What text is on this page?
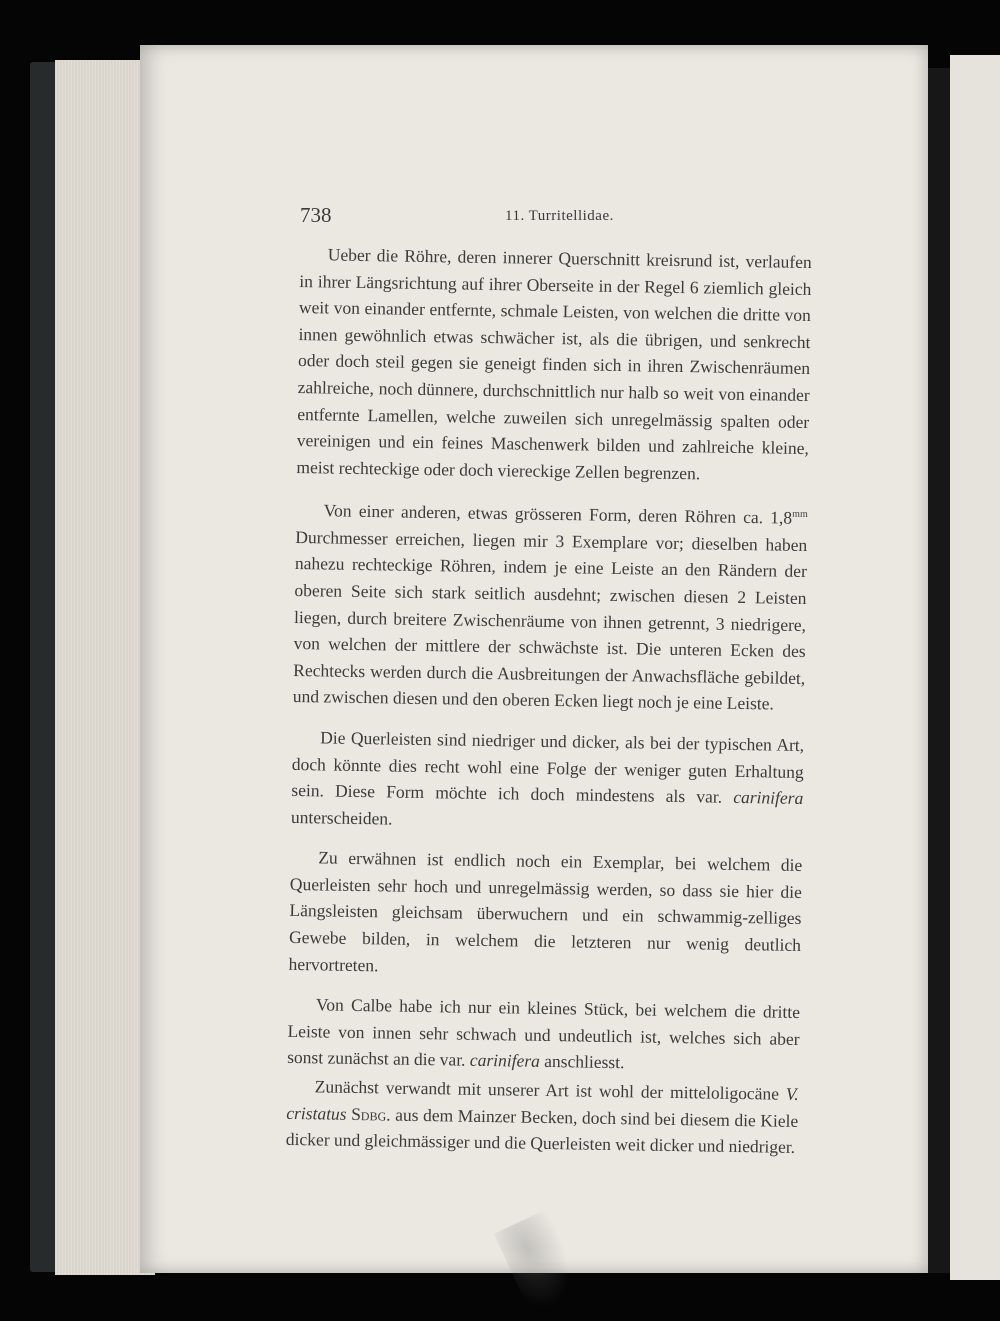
738	11. Turritellidae.

Ueber die Röhre, deren innerer Querschnitt kreisrund ist, verlaufen in ihrer Längsrichtung auf ihrer Oberseite in der Regel 6 ziemlich gleich weit von einander entfernte, schmale Leisten, von welchen die dritte von innen gewöhnlich etwas schwächer ist, als die übrigen, und senkrecht oder doch steil gegen sie geneigt finden sich in ihren Zwischenräumen zahlreiche, noch dünnere, durchschnittlich nur halb so weit von einander entfernte Lamellen, welche zuweilen sich unregelmässig spalten oder vereinigen und ein feines Maschenwerk bilden und zahlreiche kleine, meist rechteckige oder doch viereckige Zellen begrenzen.

Von einer anderen, etwas grösseren Form, deren Röhren ca. $1,8^{mm}$ Durchmesser erreichen, liegen mir 3 Exemplare vor; dieselben haben nahezu rechteckige Röhren, indem je eine Leiste an den Rändern der oberen Seite sich stark seitlich ausdehnt; zwischen diesen 2 Leisten liegen, durch breitere Zwischenräume von ihnen getrennt, 3 niedrigere, von welchen der mittlere der schwächste ist. Die unteren Ecken des Rechtecks werden durch die Ausbreitungen der Anwachsfläche gebildet, und zwischen diesen und den oberen Ecken liegt noch je eine Leiste.

Die Querleisten sind niedriger und dicker, als bei der typischen Art, doch könnte dies recht wohl eine Folge der weniger guten Erhaltung sein. Diese Form möchte ich doch mindestens als var. carinifera unterscheiden.

Zu erwähnen ist endlich noch ein Exemplar, bei welchem die Querleisten sehr hoch und unregelmässig werden, so dass sie hier die Längsleisten gleichsam überwuchern und ein schwammig-zelliges Gewebe bilden, in welchem die letzteren nur wenig deutlich hervortreten.

Von Calbe habe ich nur ein kleines Stück, bei welchem die dritte Leiste von innen sehr schwach und undeutlich ist, welches sich aber sonst zunächst an die var. carinifera anschliesst.

Zunächst verwandt mit unserer Art ist wohl der mitteloligocäne V. cristatus Sdbg. aus dem Mainzer Becken, doch sind bei diesem die Kiele dicker und gleichmässiger und die Querleisten weit dicker und niedriger.
